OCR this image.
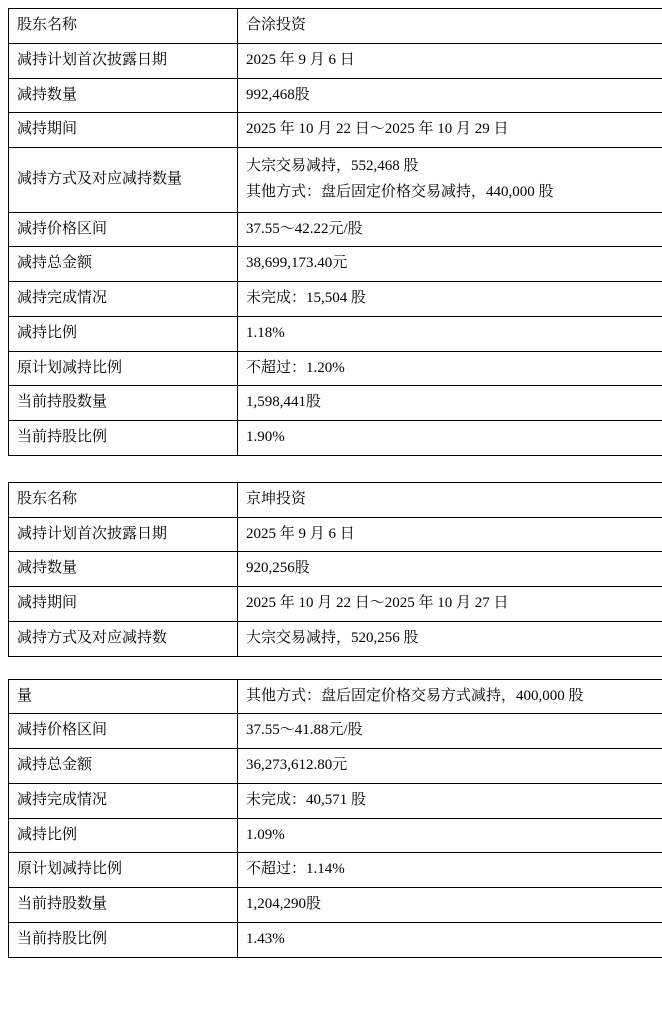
股东名称	合涂投资
减持计划首次披露日期	2025 年 9 月 6 日
减持数量	992,468股
减持期间	2025 年 10 月 22 日～2025 年 10 月 29 日
减持方式及对应减持数量	大宗交易减持，552,468 股

其他方式：盘后固定价格交易减持，440,000 股

减持价格区间	37.55～42.22元/股
减持总金额	38,699,173.40元
减持完成情况	未完成：15,504 股
减持比例	1.18%
原计划减持比例	不超过：1.20%
当前持股数量	1,598,441股
当前持股比例	1.90%
股东名称	京坤投资
减持计划首次披露日期	2025 年 9 月 6 日
减持数量	920,256股
减持期间	2025 年 10 月 22 日～2025 年 10 月 27 日
减持方式及对应减持数	大宗交易减持，520,256 股
量	其他方式：盘后固定价格交易方式减持，400,000 股
减持价格区间	37.55～41.88元/股
减持总金额	36,273,612.80元
减持完成情况	未完成：40,571 股
减持比例	1.09%
原计划减持比例	不超过：1.14%
当前持股数量	1,204,290股
当前持股比例	1.43%
